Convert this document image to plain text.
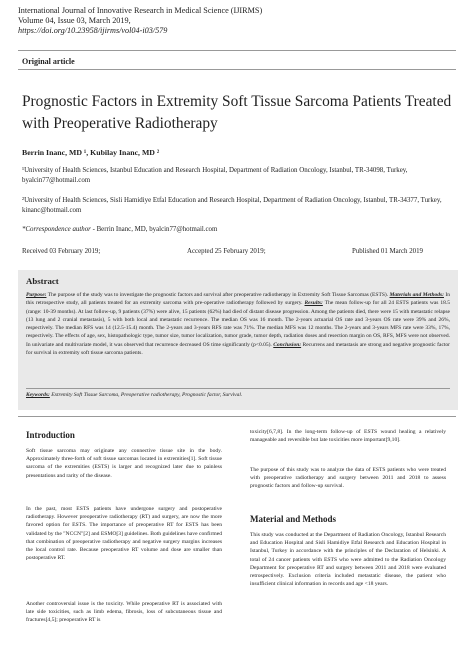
International Journal of Innovative Research in Medical Science (IJIRMS)
Volume 04, Issue 03, March 2019,
https://doi.org/10.23958/ijirms/vol04-i03/579
Original article
Prognostic Factors in Extremity Soft Tissue Sarcoma Patients Treated with Preoperative Radiotherapy
Berrin Inanc, MD ¹, Kubilay Inanc, MD ²
¹University of Health Sciences, Istanbul Education and Research Hospital, Department of Radiation Oncology, Istanbul, TR-34098, Turkey, byalcin77@hotmail.com
²University of Health Sciences, Sisli Hamidiye Etfal Education and Research Hospital, Department of Radiation Oncology, Istanbul, TR-34377, Turkey, kinanc@hotmail.com
*Correspondence author - Berrin Inanc, MD, byalcin77@hotmail.com
Received 03 February 2019;	Accepted 25 February 2019;	Published 01 March 2019
Abstract
Purpose: The purpose of the study was to investigate the prognostic factors and survival after preoperative radiotherapy in Extremity Soft Tissue Sarcomas (ESTS). Materials and Methods: In this retrospective study, all patients treated for an extremity sarcoma with pre-operative radiotherapy followed by surgery. Results: The mean follow-up for all 24 ESTS patients was 18.5 (range: 10-39 months). At last follow-up, 9 patients (37%) were alive, 15 patients (62%) had died of distant disease progression. Among the patients died, there were 15 with metastatic relapse (13 lung and 2 cranial metastasis), 5 with both local and metastatic recurrence. The median OS was 16 month. The 2-years actuarial OS rate and 3-years OS rate were 39% and 26%, respectively. The median RFS was 14 (12.5-15.4) month. The 2-years and 3-years RFS rate was 71%. The median MFS was 12 months. The 2-years and 3-years MFS rate were 33%, 17%, respectively. The effects of age, sex, histopathologic type, tumor size, tumor localization, tumor grade, tumor depth, radiation doses and resection margin on OS, RFS, MFS were not observed. In univariate and multivariate model, it was observed that recurrence decreased OS time significantly (p<0.05). Conclusion: Recurrens and metastasis are strong and negative prognostic factor for survival in extremity soft tissue sarcoma patients.
Keywords: Extremity Soft Tissue Sarcoma, Preoperative radiotherapy, Prognostic factor, Survival.
Introduction
Soft tissue sarcoma may originate any connective tissue site in the body. Approximately three-forth of soft tissue sarcomas located in extremities[1]. Soft tissue sarcoma of the extremities (ESTS) is larger and recognized later due to painless presentations and rarity of the disease.
In the past, most ESTS patients have undergone surgery and postoperative radiotherapy. However preoperative radiotherapy (RT) and surgery, are now the more favored option for ESTS. The importance of preoperative RT for ESTS has been validated by the "NCCN"[2] and ESMO[3] guidelines. Both guidelines have confirmed that combination of preoperative radiotherapy and negative surgery margins increases the local control rate. Because preoperative RT volume and dose are smaller than postoperative RT.
Another controversial issue is the toxicity. While preoperative RT is associated with late side toxicities, such as limb edema, fibrosis, loss of subcutaneous tissue and fractures[4,5]; preoperative RT is
toxicity[6,7,8]. In the long-term follow-up of ESTS wound healing a relatively manageable and reversible but late toxicities more important[9,10].
The purpose of this study was to analyze the data of ESTS patients who were treated with preoperative radiotherapy and surgery between 2011 and 2018 to assess prognostic factors and follow-up survival.
Material and Methods
This study was conducted at the Department of Radiation Oncology, Istanbul Research and Education Hospital and Sisli Hamidiye Etfal Research and Education Hospital in Istanbul, Turkey in accordance with the principles of the Declaration of Helsinki. A total of 24 cancer patients with ESTS who were admitted to the Radiation Oncology Department for preoperative RT and surgery between 2011 and 2018 were evaluated retrospectively. Exclusion criteria included metastatic disease, the patient who insufficient clinical information in records and age <18 years.
